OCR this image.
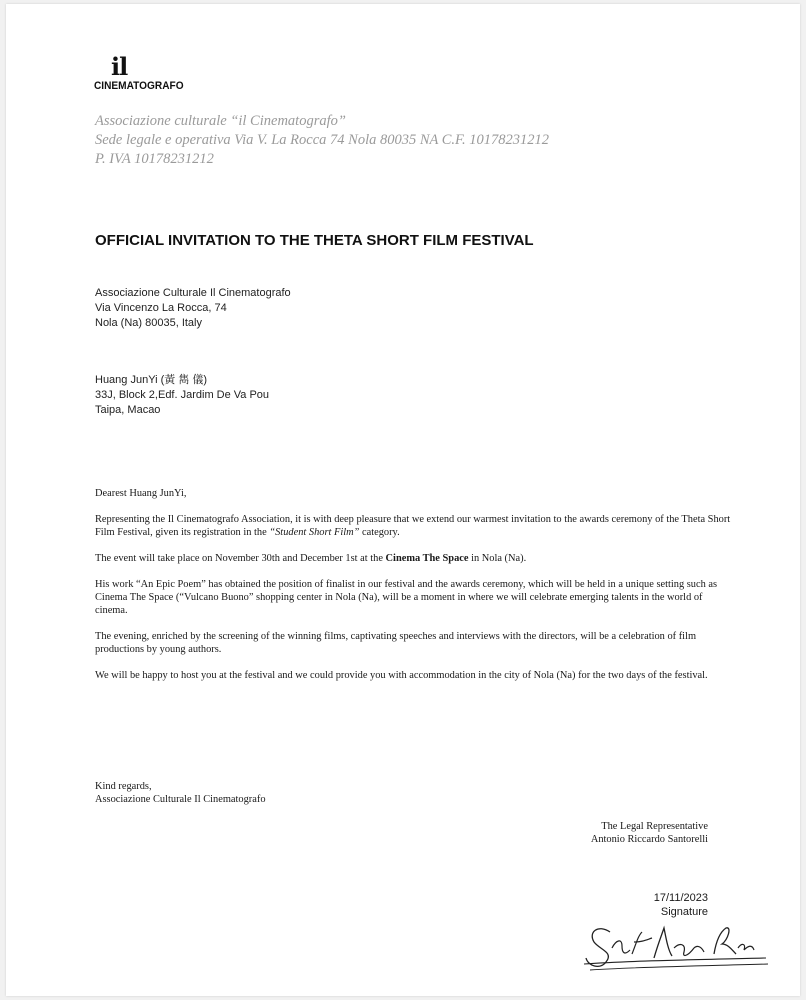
il
CINEMATOGRAFO
Associazione culturale “il Cinematografo”
Sede legale e operativa Via V. La Rocca 74 Nola 80035 NA C.F. 10178231212
P. IVA 10178231212
OFFICIAL INVITATION TO THE THETA SHORT FILM FESTIVAL
Associazione Culturale Il Cinematografo
Via Vincenzo La Rocca, 74
Nola (Na) 80035, Italy
Huang JunYi (黃 雋 儀)
33J, Block 2,Edf. Jardim De Va Pou
Taipa, Macao

Dearest Huang JunYi,

Representing the Il Cinematografo Association, it is with deep pleasure that we extend our warmest invitation to the awards ceremony of the Theta Short Film Festival, given its registration in the “Student Short Film” category.

The event will take place on November 30th and December 1st at the Cinema The Space in Nola (Na).

His work “An Epic Poem” has obtained the position of finalist in our festival and the awards ceremony, which will be held in a unique setting such as Cinema The Space (“Vulcano Buono” shopping center in Nola (Na), will be a moment in where we will celebrate emerging talents in the world of cinema.

The evening, enriched by the screening of the winning films, captivating speeches and interviews with the directors, will be a celebration of film productions by young authors.

We will be happy to host you at the festival and we could provide you with accommodation in the city of Nola (Na) for the two days of the festival.

Kind regards,
Associazione Culturale Il Cinematografo
The Legal Representative
Antonio Riccardo Santorelli
17/11/2023
Signature
